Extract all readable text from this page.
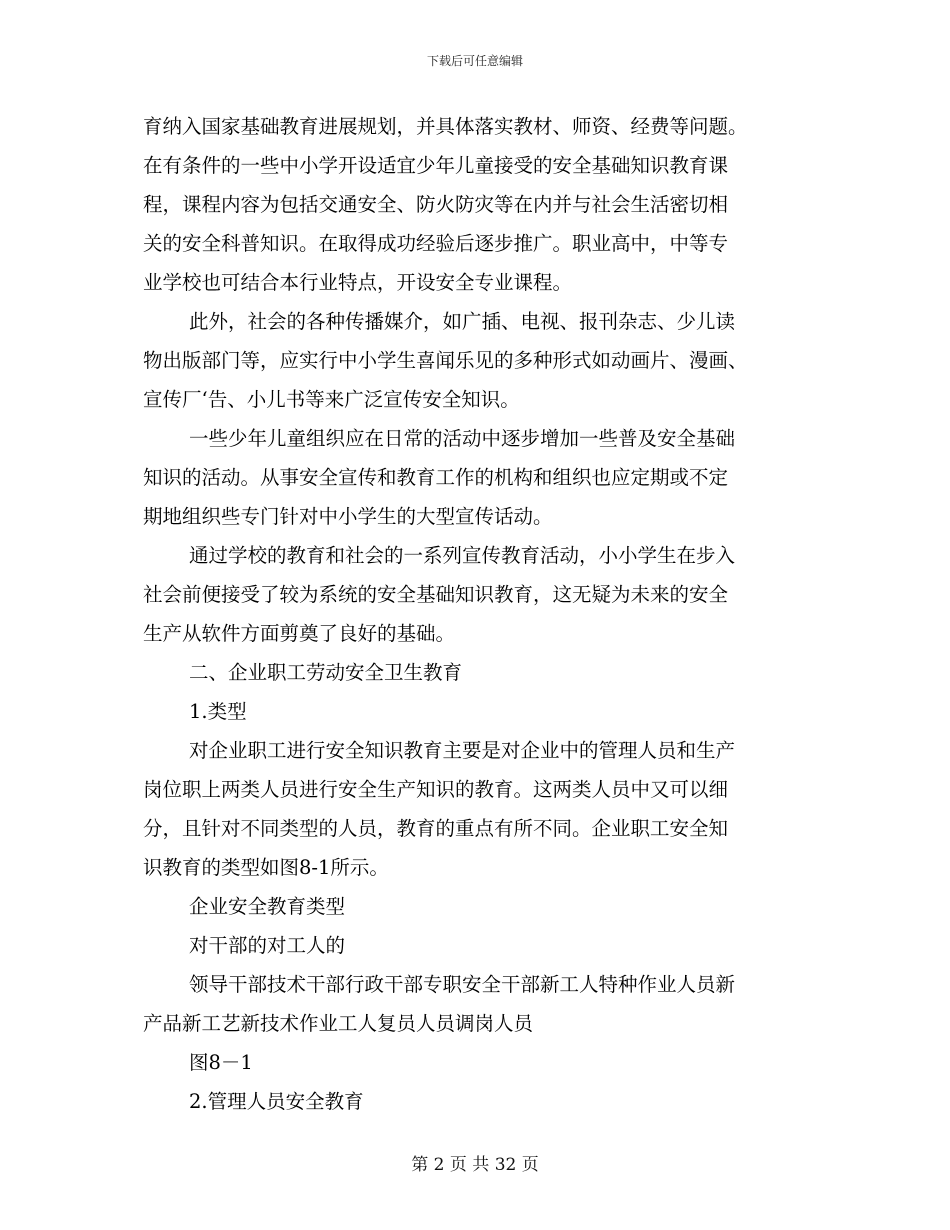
下载后可任意编辑
育纳入国家基础教育进展规划，并具体落实教材、师资、经费等问题。
在有条件的一些中小学开设适宜少年儿童接受的安全基础知识教育课
程，课程内容为包括交通安全、防火防灾等在内并与社会生活密切相
关的安全科普知识。在取得成功经验后逐步推广。职业高中，中等专
业学校也可结合本行业特点，开设安全专业课程。
此外，社会的各种传播媒介，如广插、电视、报刊杂志、少儿读
物出版部门等，应实行中小学生喜闻乐见的多种形式如动画片、漫画、
宣传厂‘告、小儿书等来广泛宣传安全知识。
一些少年儿童组织应在日常的活动中逐步增加一些普及安全基础
知识的活动。从事安全宣传和教育工作的机构和组织也应定期或不定
期地组织些专门针对中小学生的大型宣传话动。
通过学校的教育和社会的一系列宣传教育活动，小小学生在步入
社会前便接受了较为系统的安全基础知识教育，这无疑为未来的安全
生产从软件方面剪奠了良好的基础。
二、企业职工劳动安全卫生教育
1.类型
对企业职工进行安全知识教育主要是对企业中的管理人员和生产
岗位职上两类人员进行安全生产知识的教育。这两类人员中又可以细
分，且针对不同类型的人员，教育的重点有所不同。企业职工安全知
识教育的类型如图8-1所示。
企业安全教育类型
对干部的对工人的
领导干部技术干部行政干部专职安全干部新工人特种作业人员新
产品新工艺新技术作业工人复员人员调岗人员
图8－1
2.管理人员安全教育
第 2 页 共 32 页
